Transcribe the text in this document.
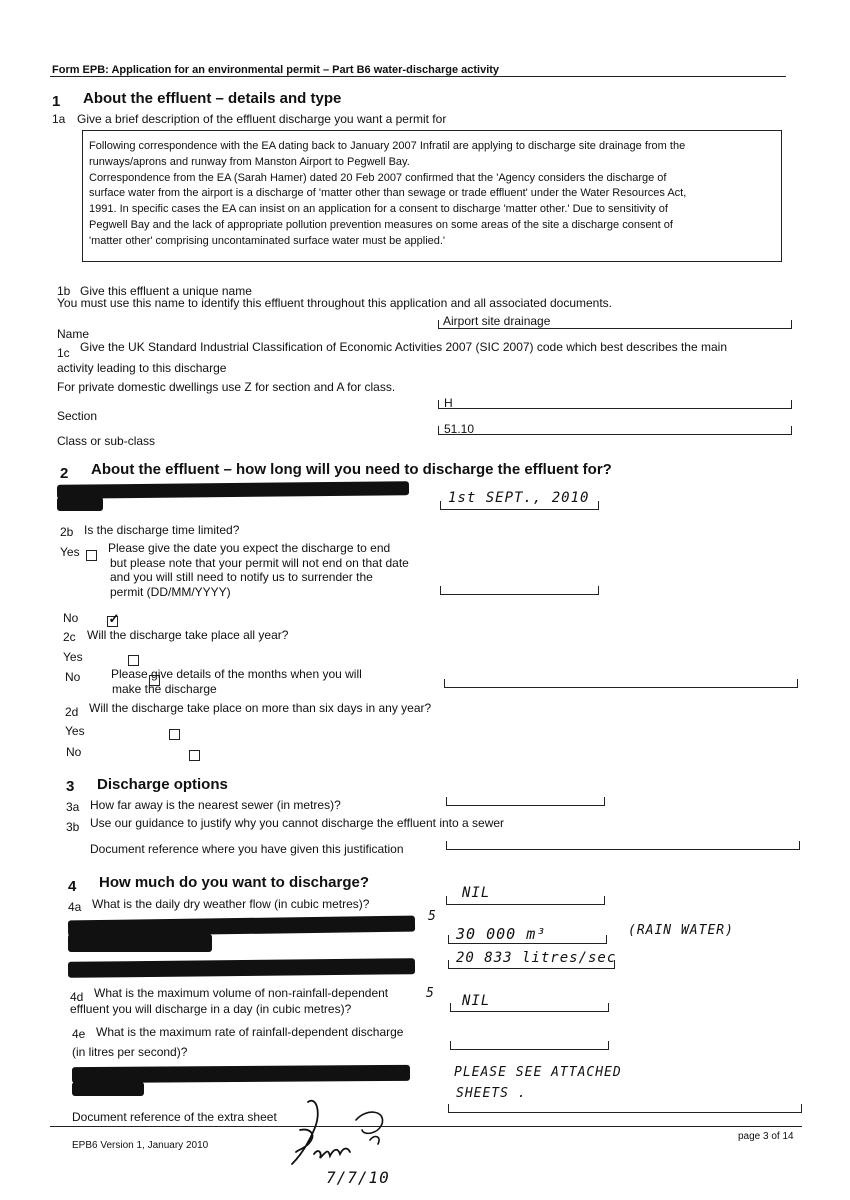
Form EPB: Application for an environmental permit – Part B6 water-discharge activity
1 About the effluent – details and type
1a Give a brief description of the effluent discharge you want a permit for

Following correspondence with the EA dating back to January 2007 Infratil are applying to discharge site drainage from the

runways/aprons and runway from Manston Airport to Pegwell Bay.

Correspondence from the EA (Sarah Hamer) dated 20 Feb 2007 confirmed that the 'Agency considers the discharge of

surface water from the airport is a discharge of 'matter other than sewage or trade effluent' under the Water Resources Act,

1991. In specific cases the EA can insist on an application for a consent to discharge 'matter other.' Due to sensitivity of

Pegwell Bay and the lack of appropriate pollution prevention measures on some areas of the site a discharge consent of

'matter other' comprising uncontaminated surface water must be applied.'

1b Give this effluent a unique name
You must use this name to identify this effluent throughout this application and all associated documents.
Name
Airport site drainage
1c Give the UK Standard Industrial Classification of Economic Activities 2007 (SIC 2007) code which best describes the main
activity leading to this discharge
For private domestic dwellings use Z for section and A for class.
Section
H
Class or sub-class
51.10
2 About the effluent – how long will you need to discharge the effluent for?
1st SEPT., 2010
2b Is the discharge time limited?
Yes
Please give the date you expect the discharge to end
but please note that your permit will not end on that date
and you will still need to notify us to surrender the
permit (DD/MM/YYYY)
No ✓

2c Will the discharge take place all year?
Yes

No
	Please give details of the months when you will
make the discharge
2d Will the discharge take place on more than six days in any year?
Yes

No
3 Discharge options
3a How far away is the nearest sewer (in metres)?
3b Use our guidance to justify why you cannot discharge the effluent into a sewer
Document reference where you have given this justification
4 How much do you want to discharge?
4a What is the daily dry weather flow (in cubic metres)?
NIL
5
30 000 m³	(RAIN WATER)
20 833 litres/sec
4d What is the maximum volume of non-rainfall-dependent
effluent you will discharge in a day (in cubic metres)?
5 NIL
4e What is the maximum rate of rainfall-dependent discharge
(in litres per second)?
PLEASE SEE ATTACHED
SHEETS .
Document reference of the extra sheet
EPB6 Version 1, January 2010
page 3 of 14
7/7/10
